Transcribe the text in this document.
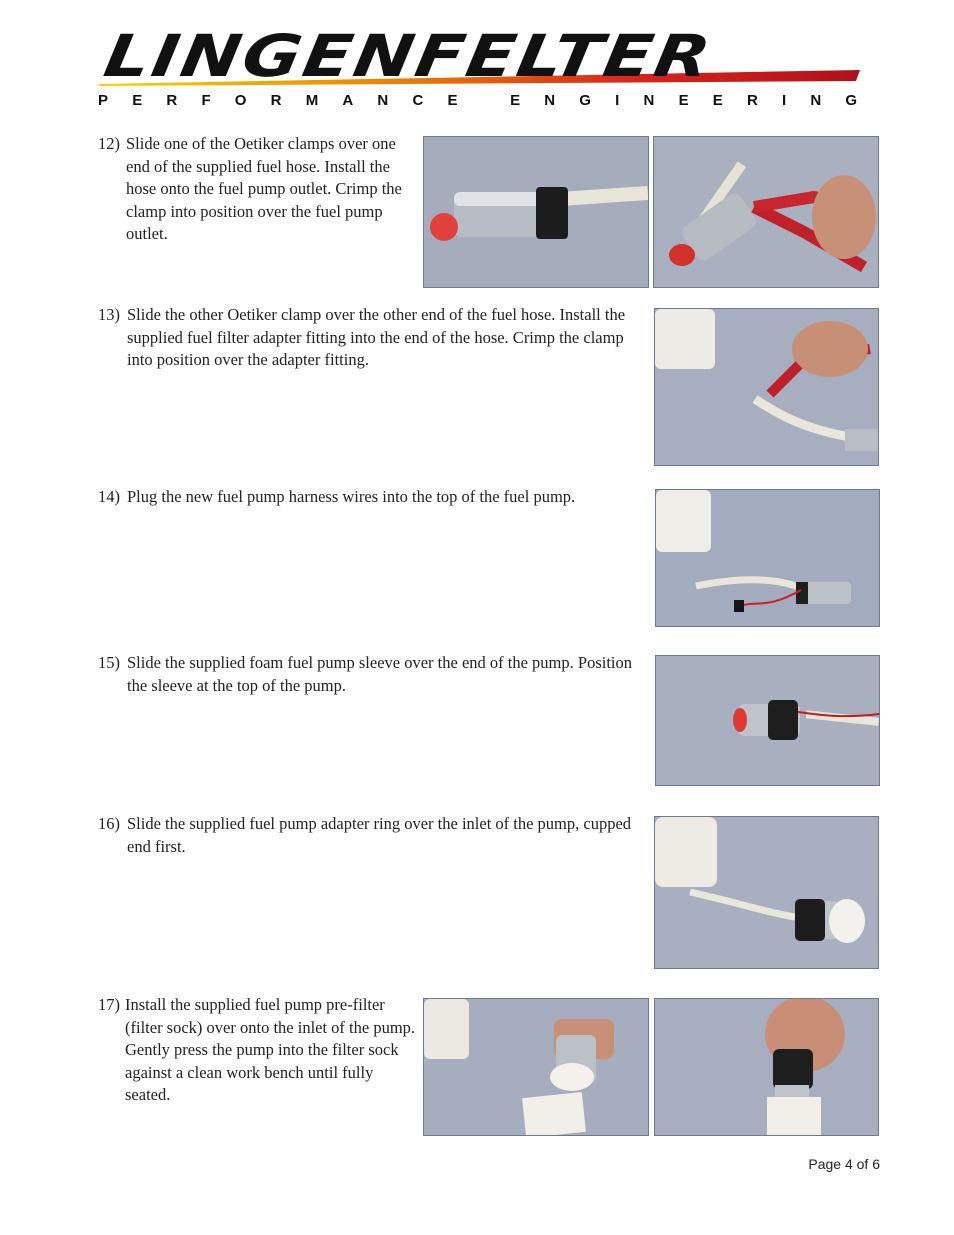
LINGENFELTER
PERFORMANCE ENGINEERING
12) Slide one of the Oetiker clamps over one end of the supplied fuel hose. Install the hose onto the fuel pump outlet. Crimp the clamp into position over the fuel pump outlet.
13) Slide the other Oetiker clamp over the other end of the fuel hose. Install the supplied fuel filter adapter fitting into the end of the hose. Crimp the clamp into position over the adapter fitting.
14) Plug the new fuel pump harness wires into the top of the fuel pump.
15) Slide the supplied foam fuel pump sleeve over the end of the pump. Position the sleeve at the top of the pump.
16) Slide the supplied fuel pump adapter ring over the inlet of the pump, cupped end first.
17) Install the supplied fuel pump pre-filter (filter sock) over onto the inlet of the pump. Gently press the pump into the filter sock against a clean work bench until fully seated.
Page 4 of 6
